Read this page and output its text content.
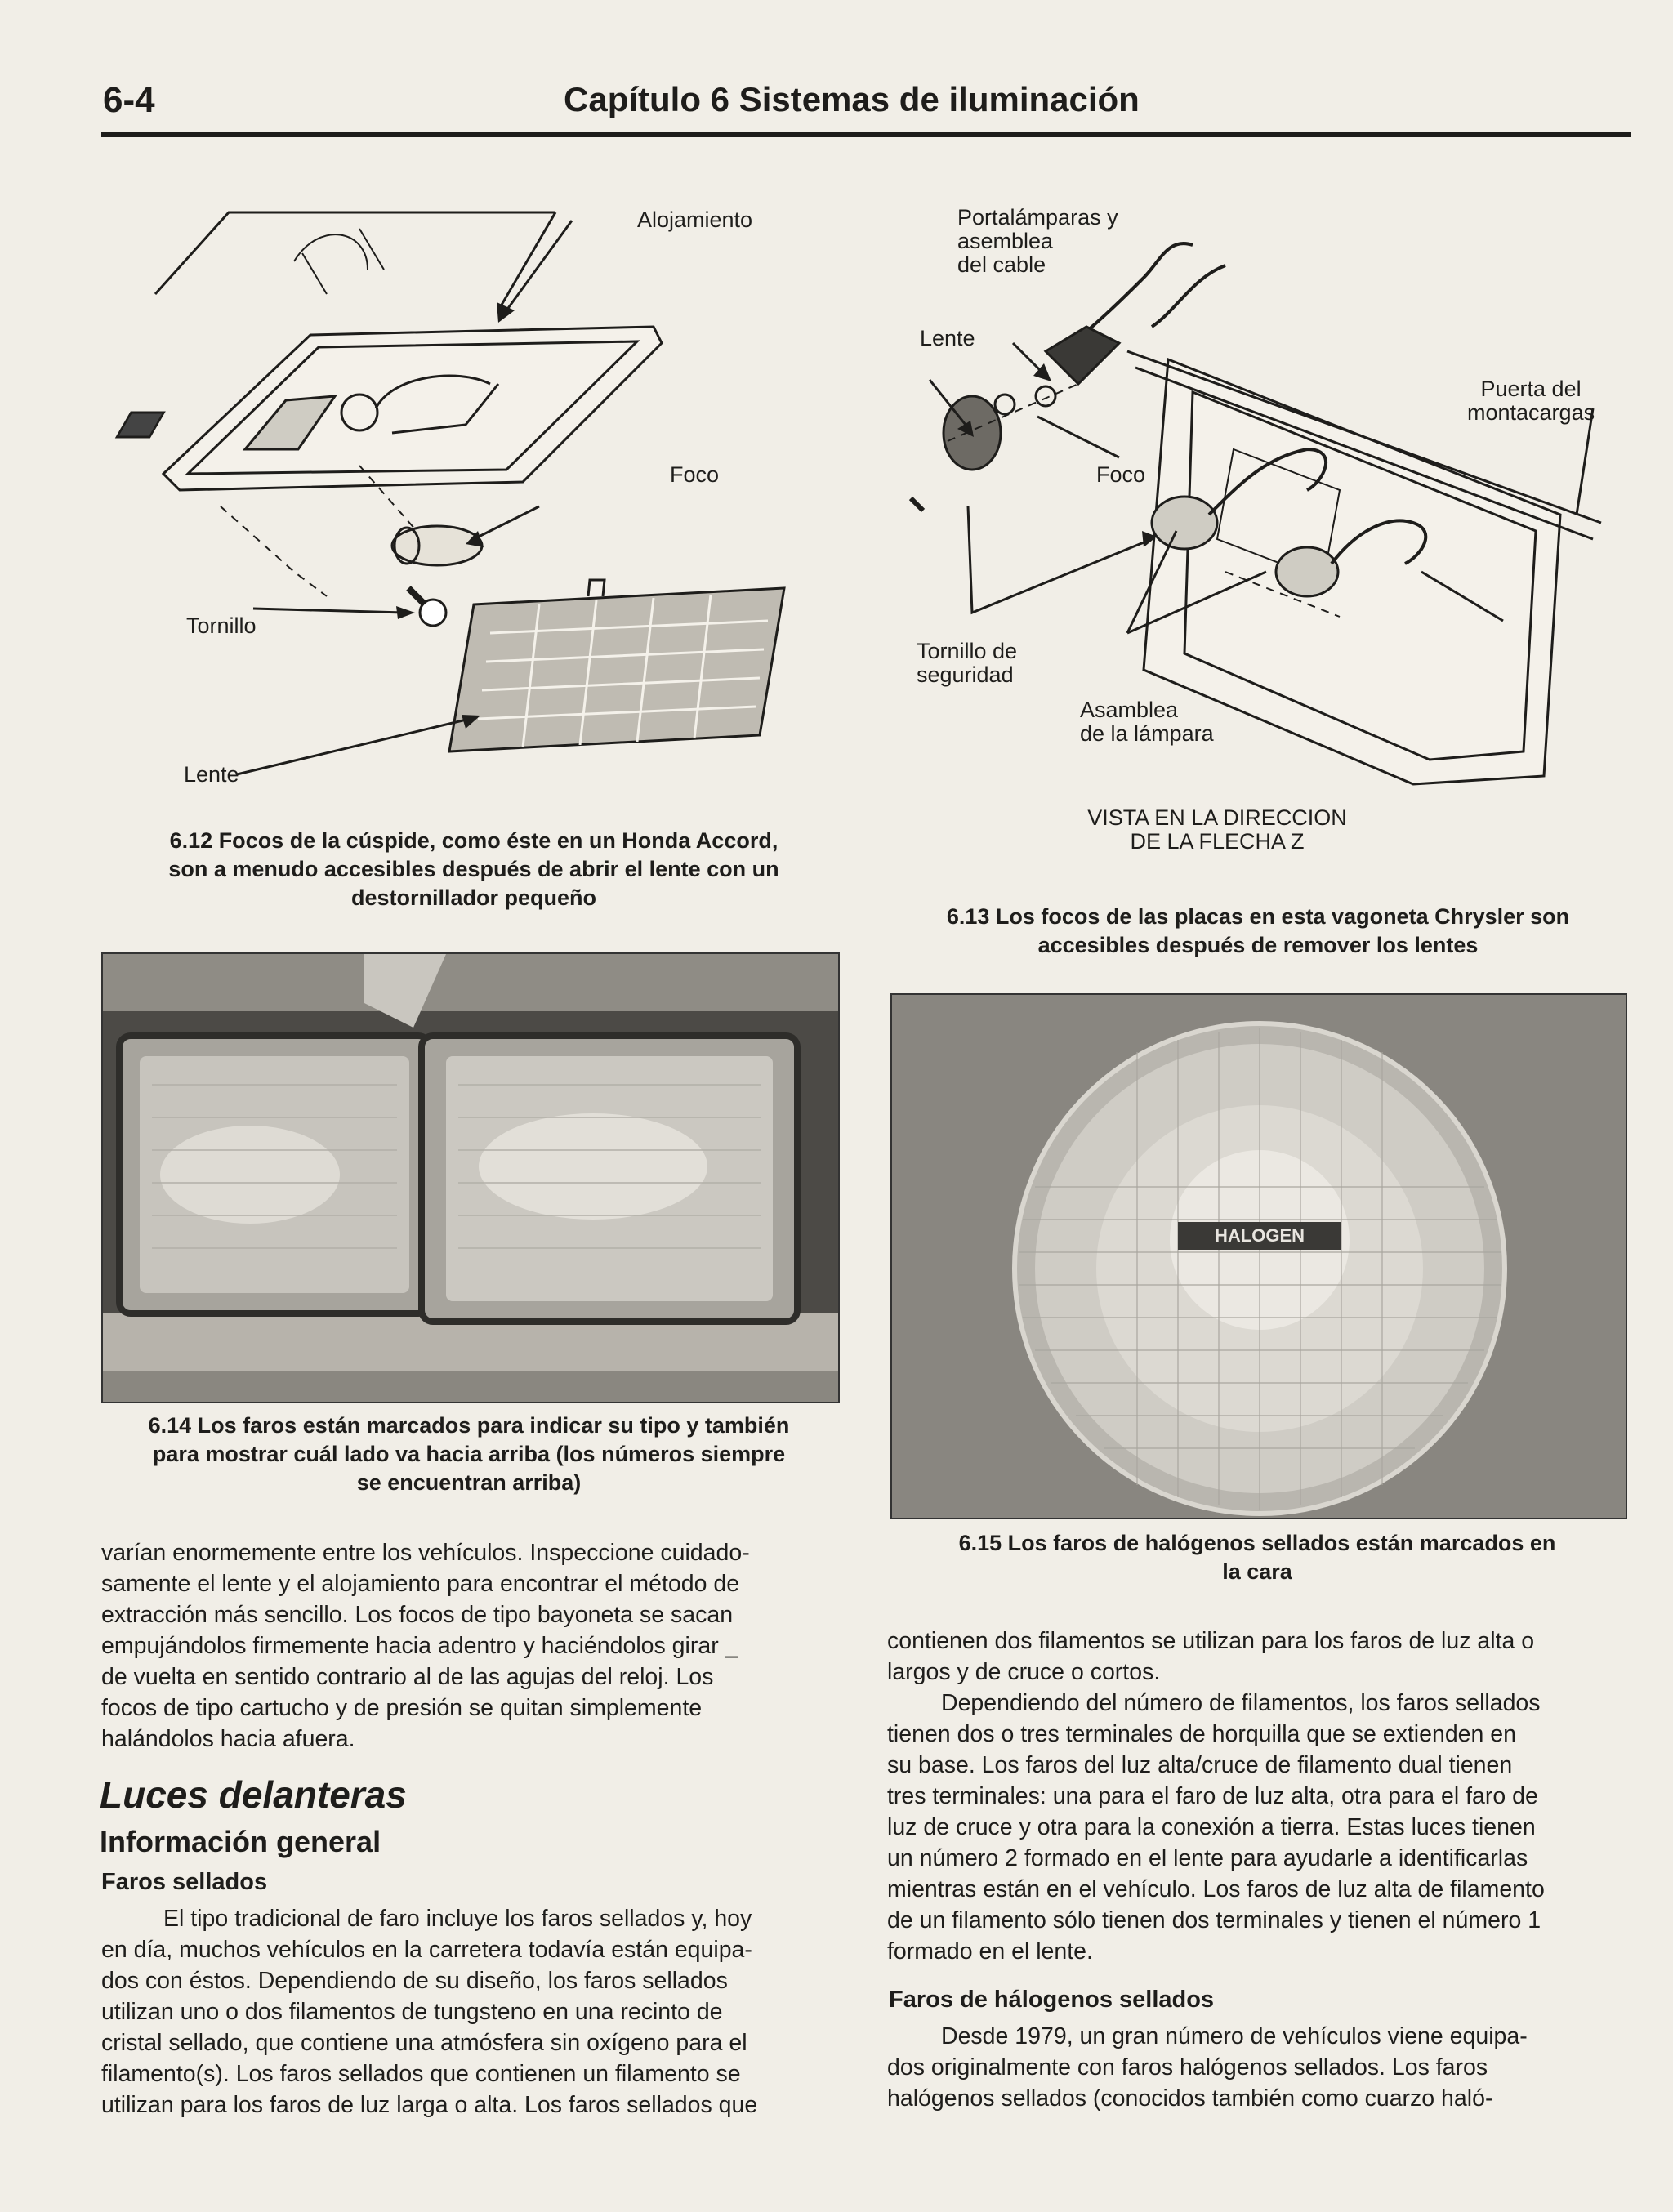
6-4	Capítulo 6 Sistemas de iluminación
Alojamiento
Foco
Tornillo
Lente
6.12 Focos de la cúspide, como éste en un Honda Accord,
son a menudo accesibles después de abrir el lente con un
destornillador pequeño
Portalámparas y
asemblea
del cable
Lente
Puerta del
montacargas
Foco
Tornillo de
seguridad
Asamblea
de la lámpara
VISTA EN LA DIRECCION
DE LA FLECHA Z
6.13 Los focos de las placas en esta vagoneta Chrysler son
accesibles después de remover los lentes
6.14 Los faros están marcados para indicar su tipo y también
para mostrar cuál lado va hacia arriba (los números siempre
se encuentran arriba)
HALOGEN
6.15 Los faros de halógenos sellados están marcados en
la cara
varían enormemente entre los vehículos. Inspeccione cuidado-
samente el lente y el alojamiento para encontrar el método de
extracción más sencillo. Los focos de tipo bayoneta se sacan
empujándolos firmemente hacia adentro y haciéndolos girar _
de vuelta en sentido contrario al de las agujas del reloj. Los
focos de tipo cartucho y de presión se quitan simplemente
halándolos hacia afuera.
Luces delanteras
Información general
Faros sellados
El tipo tradicional de faro incluye los faros sellados y, hoy
en día, muchos vehículos en la carretera todavía están equipa-
dos con éstos. Dependiendo de su diseño, los faros sellados
utilizan uno o dos filamentos de tungsteno en una recinto de
cristal sellado, que contiene una atmósfera sin oxígeno para el
filamento(s). Los faros sellados que contienen un filamento se
utilizan para los faros de luz larga o alta. Los faros sellados que
contienen dos filamentos se utilizan para los faros de luz alta o
largos y de cruce o cortos.
Dependiendo del número de filamentos, los faros sellados
tienen dos o tres terminales de horquilla que se extienden en
su base. Los faros del luz alta/cruce de filamento dual tienen
tres terminales: una para el faro de luz alta, otra para el faro de
luz de cruce y otra para la conexión a tierra. Estas luces tienen
un número 2 formado en el lente para ayudarle a identificarlas
mientras están en el vehículo. Los faros de luz alta de filamento
de un filamento sólo tienen dos terminales y tienen el número 1
formado en el lente.
Faros de hálogenos sellados
Desde 1979, un gran número de vehículos viene equipa-
dos originalmente con faros halógenos sellados. Los faros
halógenos sellados (conocidos también como cuarzo haló-
